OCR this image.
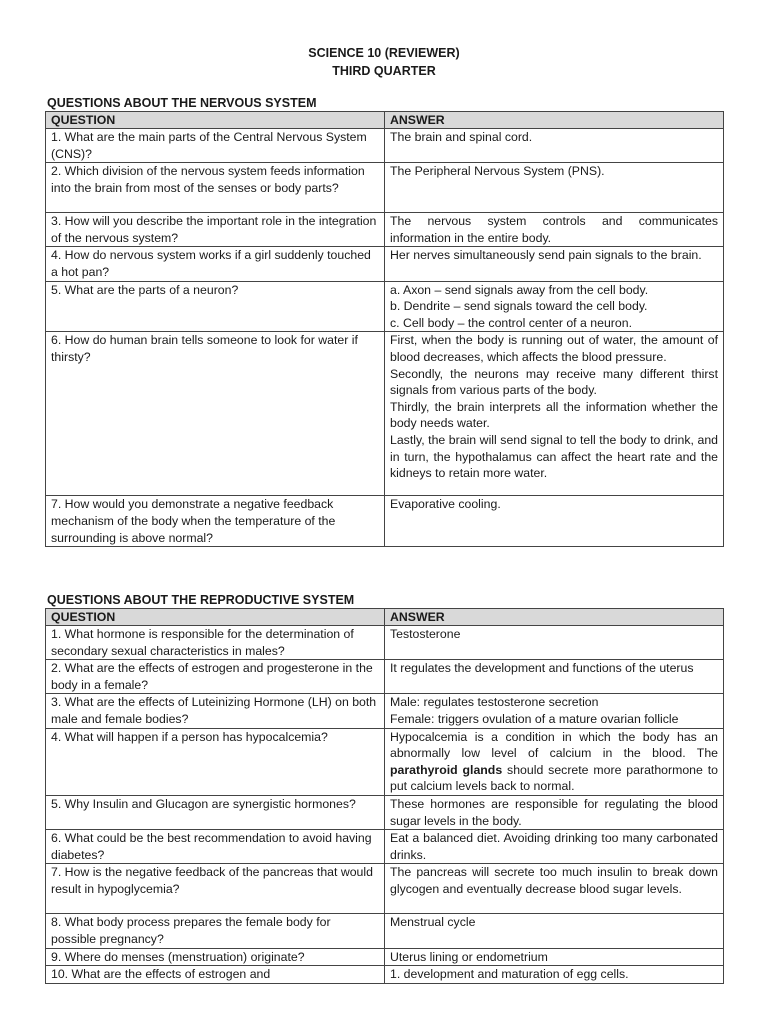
SCIENCE 10 (REVIEWER)
THIRD QUARTER
QUESTIONS ABOUT THE NERVOUS SYSTEM
QUESTION	ANSWER
1. What are the main parts of the Central Nervous System (CNS)?	The brain and spinal cord.
2. Which division of the nervous system feeds information into the brain from most of the senses or body parts?	The Peripheral Nervous System (PNS).
3. How will you describe the important role in the integration of the nervous system?	The nervous system controls and communicates information in the entire body.
4. How do nervous system works if a girl suddenly touched a hot pan?	Her nerves simultaneously send pain signals to the brain.
5. What are the parts of a neuron?	a. Axon – send signals away from the cell body.
b. Dendrite – send signals toward the cell body.
c. Cell body – the control center of a neuron.

6. How do human brain tells someone to look for water if thirsty?	First, when the body is running out of water, the amount of blood decreases, which affects the blood pressure.
Secondly, the neurons may receive many different thirst signals from various parts of the body.
Thirdly, the brain interprets all the information whether the body needs water.
Lastly, the brain will send signal to tell the body to drink, and in turn, the hypothalamus can affect the heart rate and the kidneys to retain more water.

7. How would you demonstrate a negative feedback mechanism of the body when the temperature of the surrounding is above normal?	Evaporative cooling.
QUESTIONS ABOUT THE REPRODUCTIVE SYSTEM
QUESTION	ANSWER
1. What hormone is responsible for the determination of secondary sexual characteristics in males?	Testosterone
2. What are the effects of estrogen and progesterone in the body in a female?	It regulates the development and functions of the uterus
3. What are the effects of Luteinizing Hormone (LH) on both male and female bodies?	Male: regulates testosterone secretion
Female: triggers ovulation of a mature ovarian follicle

4. What will happen if a person has hypocalcemia?	Hypocalcemia is a condition in which the body has an abnormally low level of calcium in the blood. The parathyroid glands should secrete more parathormone to put calcium levels back to normal.
5. Why Insulin and Glucagon are synergistic hormones?	These hormones are responsible for regulating the blood sugar levels in the body.
6. What could be the best recommendation to avoid having diabetes?	Eat a balanced diet. Avoiding drinking too many carbonated drinks.
7. How is the negative feedback of the pancreas that would result in hypoglycemia?	The pancreas will secrete too much insulin to break down glycogen and eventually decrease blood sugar levels.
8. What body process prepares the female body for possible pregnancy?	Menstrual cycle
9. Where do menses (menstruation) originate?	Uterus lining or endometrium
10. What are the effects of estrogen and	1. development and maturation of egg cells.
